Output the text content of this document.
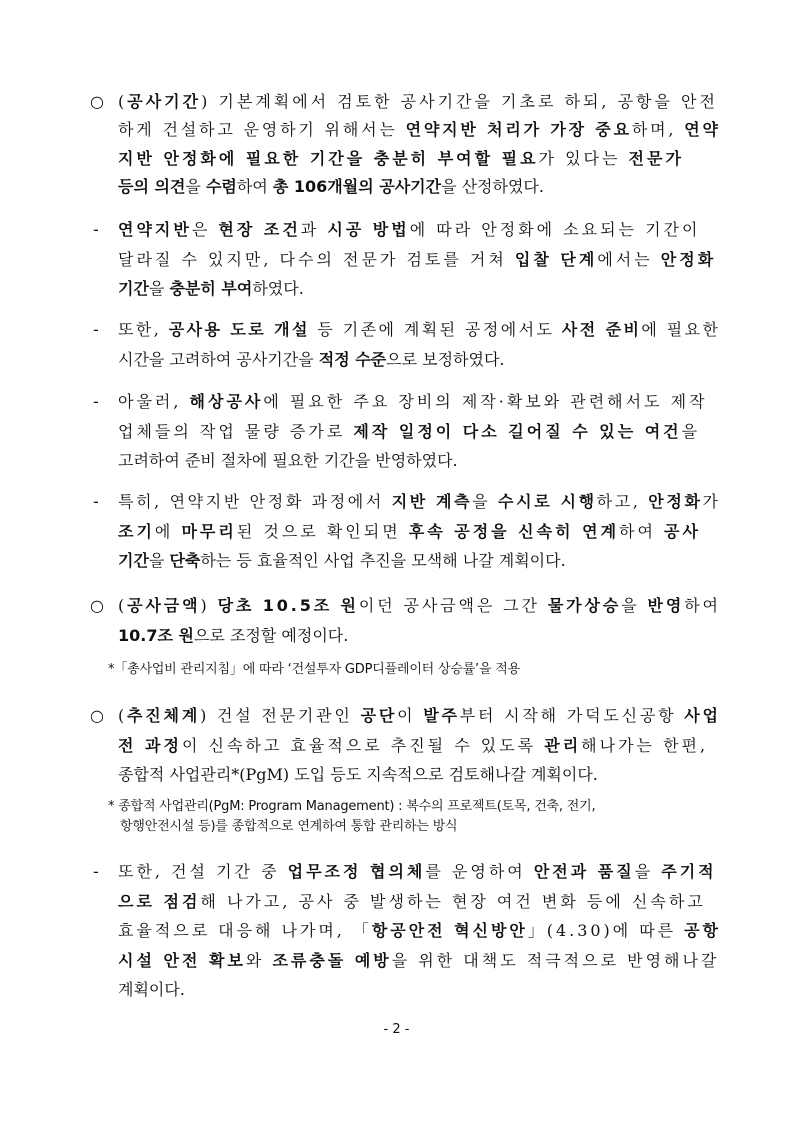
○ (공사기간) 기본계획에서 검토한 공사기간을 기초로 하되, 공항을 안전
하게 건설하고 운영하기 위해서는 연약지반 처리가 가장 중요하며, 연약
지반 안정화에 필요한 기간을 충분히 부여할 필요가 있다는 전문가
등의 의견을 수렴하여 총 106개월의 공사기간을 산정하였다.
- 연약지반은 현장 조건과 시공 방법에 따라 안정화에 소요되는 기간이
달라질 수 있지만, 다수의 전문가 검토를 거쳐 입찰 단계에서는 안정화
기간을 충분히 부여하였다.
- 또한, 공사용 도로 개설 등 기존에 계획된 공정에서도 사전 준비에 필요한
시간을 고려하여 공사기간을 적정 수준으로 보정하였다.
- 아울러, 해상공사에 필요한 주요 장비의 제작·확보와 관련해서도 제작
업체들의 작업 물량 증가로 제작 일정이 다소 길어질 수 있는 여건을
고려하여 준비 절차에 필요한 기간을 반영하였다.
- 특히, 연약지반 안정화 과정에서 지반 계측을 수시로 시행하고, 안정화가
조기에 마무리된 것으로 확인되면 후속 공정을 신속히 연계하여 공사
기간을 단축하는 등 효율적인 사업 추진을 모색해 나갈 계획이다.
○ (공사금액) 당초 10.5조 원이던 공사금액은 그간 물가상승을 반영하여
10.7조 원으로 조정할 예정이다.
○ (추진체계) 건설 전문기관인 공단이 발주부터 시작해 가덕도신공항 사업
전 과정이 신속하고 효율적으로 추진될 수 있도록 관리해나가는 한편,
종합적 사업관리*(PgM) 도입 등도 지속적으로 검토해나갈 계획이다.
- 또한, 건설 기간 중 업무조정 협의체를 운영하여 안전과 품질을 주기적
으로 점검해 나가고, 공사 중 발생하는 현장 여건 변화 등에 신속하고
효율적으로 대응해 나가며, 「항공안전 혁신방안」(4.30)에 따른 공항
시설 안전 확보와 조류충돌 예방을 위한 대책도 적극적으로 반영해나갈
계획이다.
*「총사업비 관리지침」에 따라 ‘건설투자 GDP디플레이터 상승률’을 적용
* 종합적 사업관리(PgM: Program Management) : 복수의 프로젝트(토목, 건축, 전기,
항행안전시설 등)를 종합적으로 연계하여 통합 관리하는 방식
- 2 -
